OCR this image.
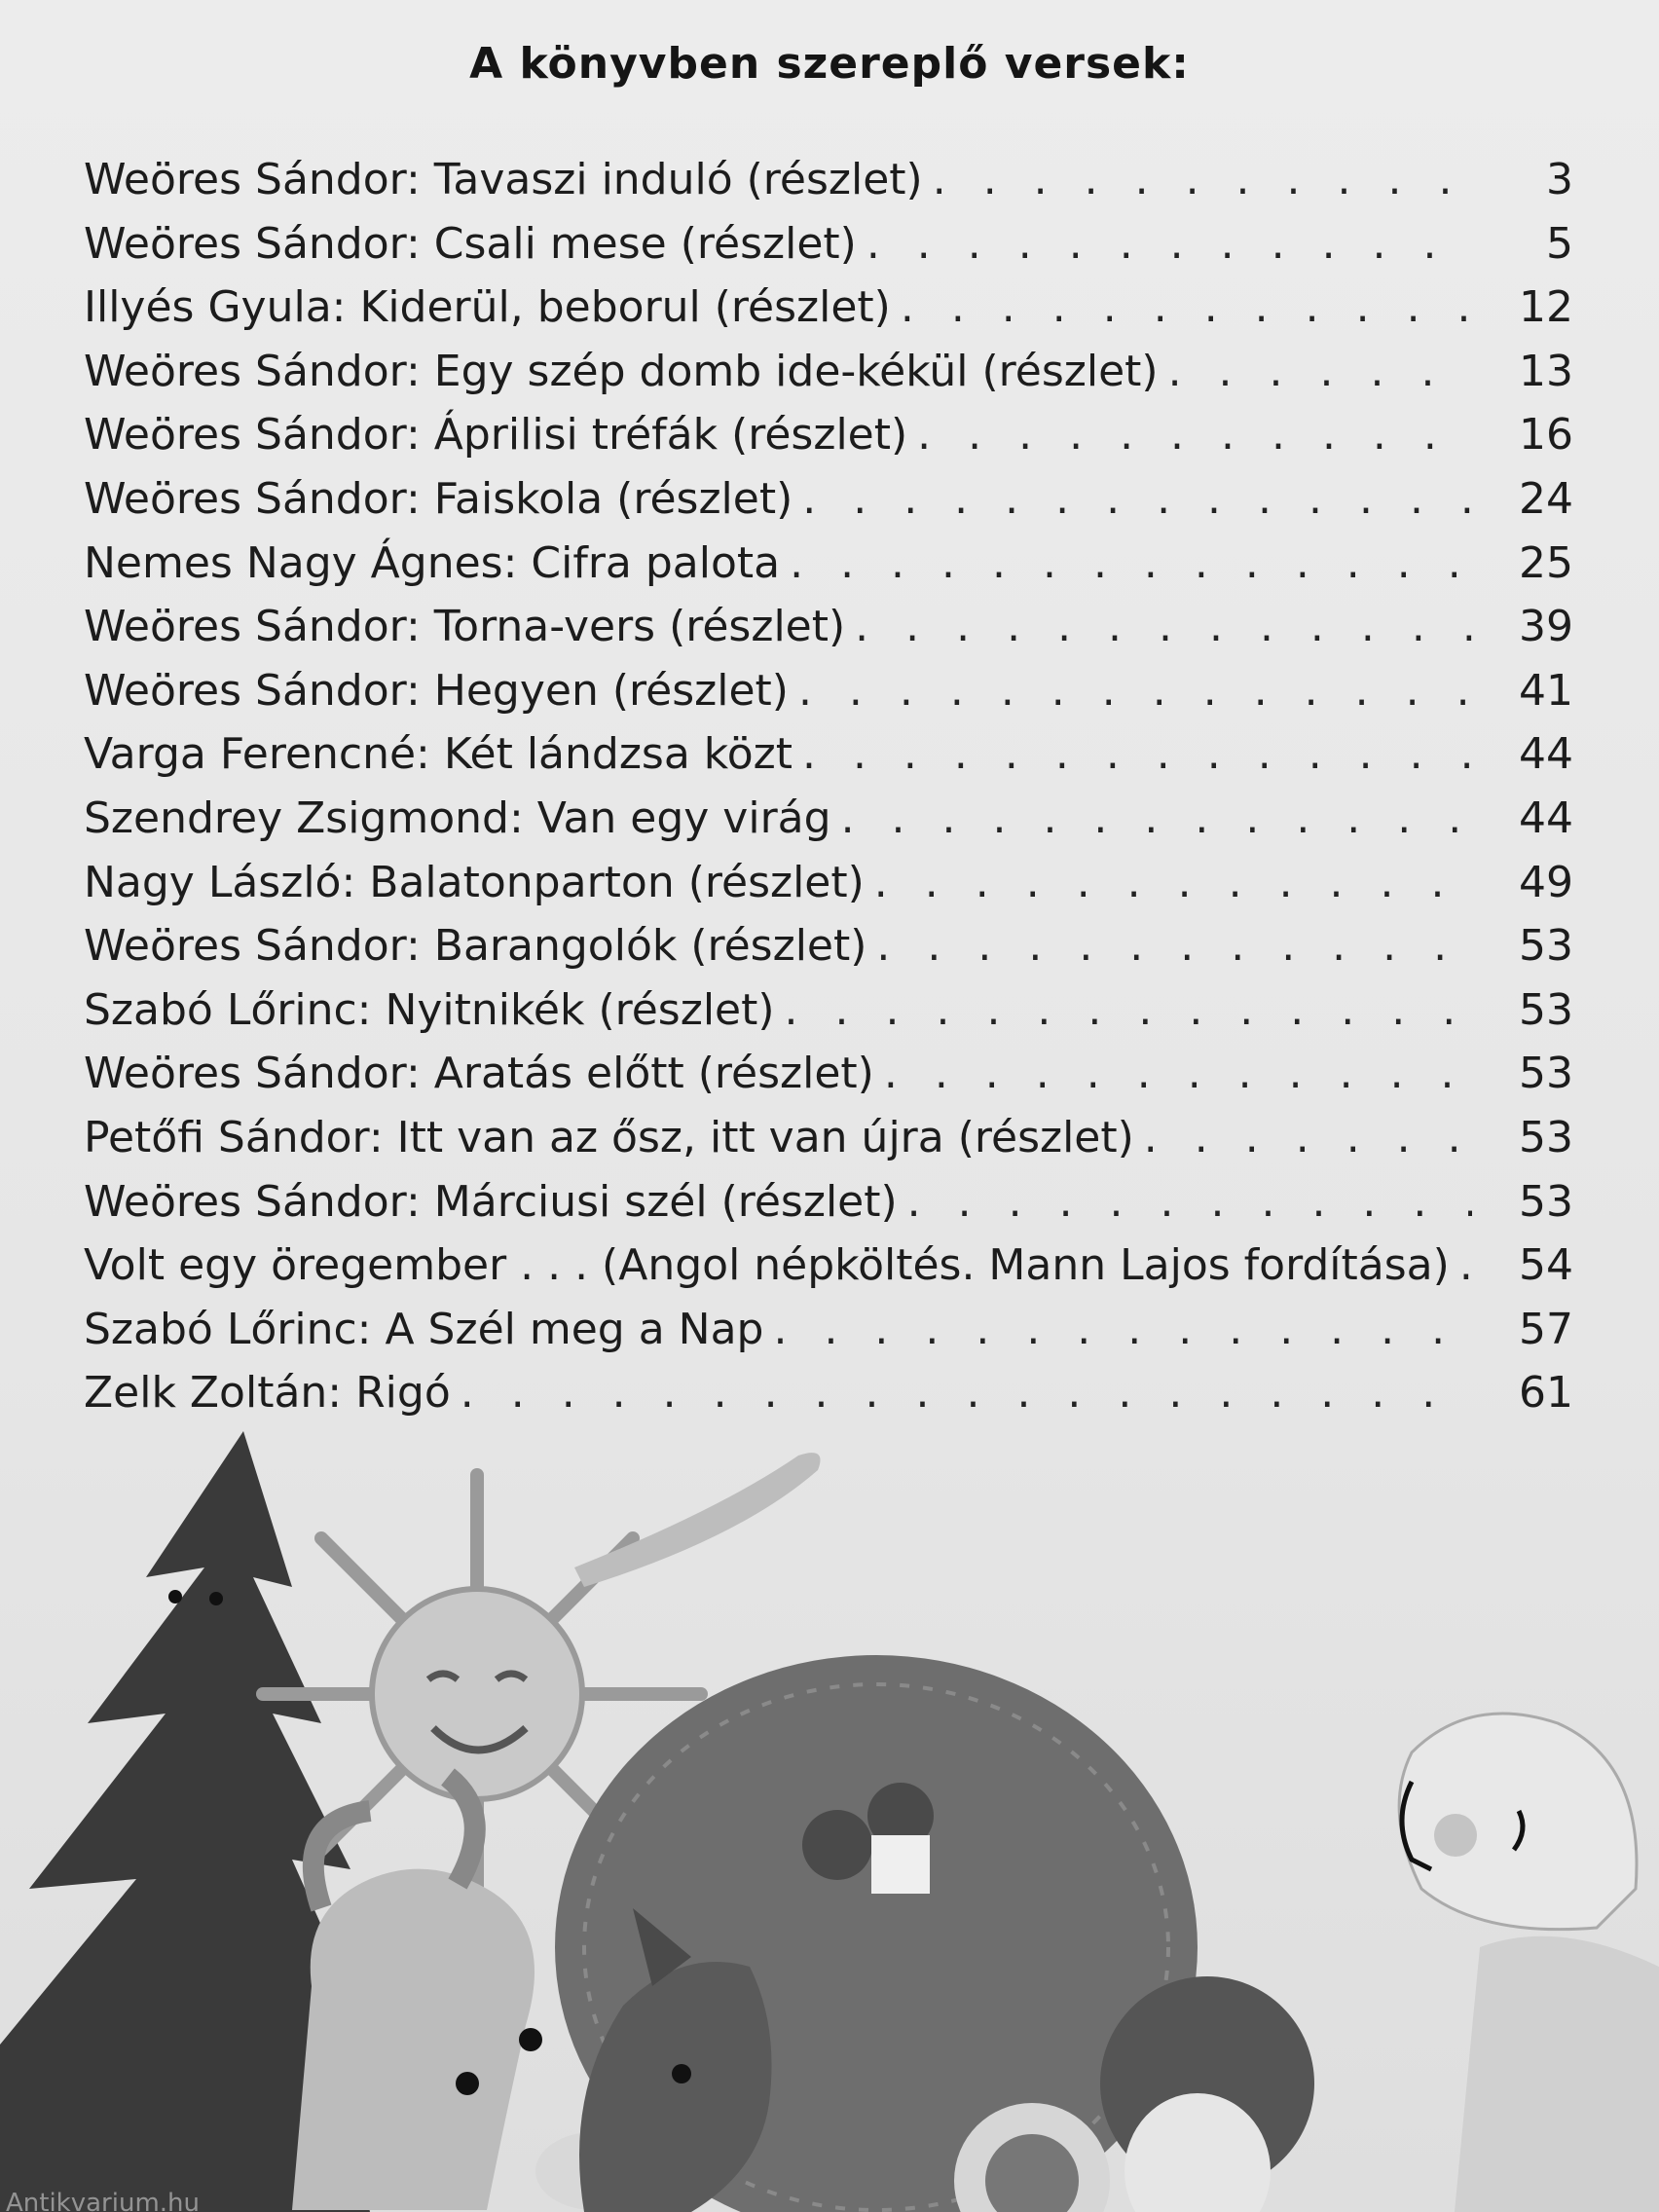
A könyvben szereplő versek:
Weöres Sándor: Tavaszi induló (részlet) . . .	3
Weöres Sándor: Csali mese (részlet) . . .	5
Illyés Gyula: Kiderül, beborul (részlet) . . .	12
Weöres Sándor: Egy szép domb ide-kékül (részlet) . . .	13
Weöres Sándor: Áprilisi tréfák (részlet) . . .	16
Weöres Sándor: Faiskola (részlet) . . .	24
Nemes Nagy Ágnes: Cifra palota . . .	25
Weöres Sándor: Torna-vers (részlet) . . .	39
Weöres Sándor: Hegyen (részlet) . . .	41
Varga Ferencné: Két lándzsa közt . . .	44
Szendrey Zsigmond: Van egy virág . . .	44
Nagy László: Balatonparton (részlet) . . .	49
Weöres Sándor: Barangolók (részlet) . . .	53
Szabó Lőrinc: Nyitnikék (részlet) . . .	53
Weöres Sándor: Aratás előtt (részlet) . . .	53
Petőfi Sándor: Itt van az ősz, itt van újra (részlet) . . .	53
Weöres Sándor: Márciusi szél (részlet) . . .	53
Volt egy öregember . . . (Angol népköltés. Mann Lajos fordítása) . . .	54
Szabó Lőrinc: A Szél meg a Nap . . .	57
Zelk Zoltán: Rigó . . .	61
Antikvarium.hu
